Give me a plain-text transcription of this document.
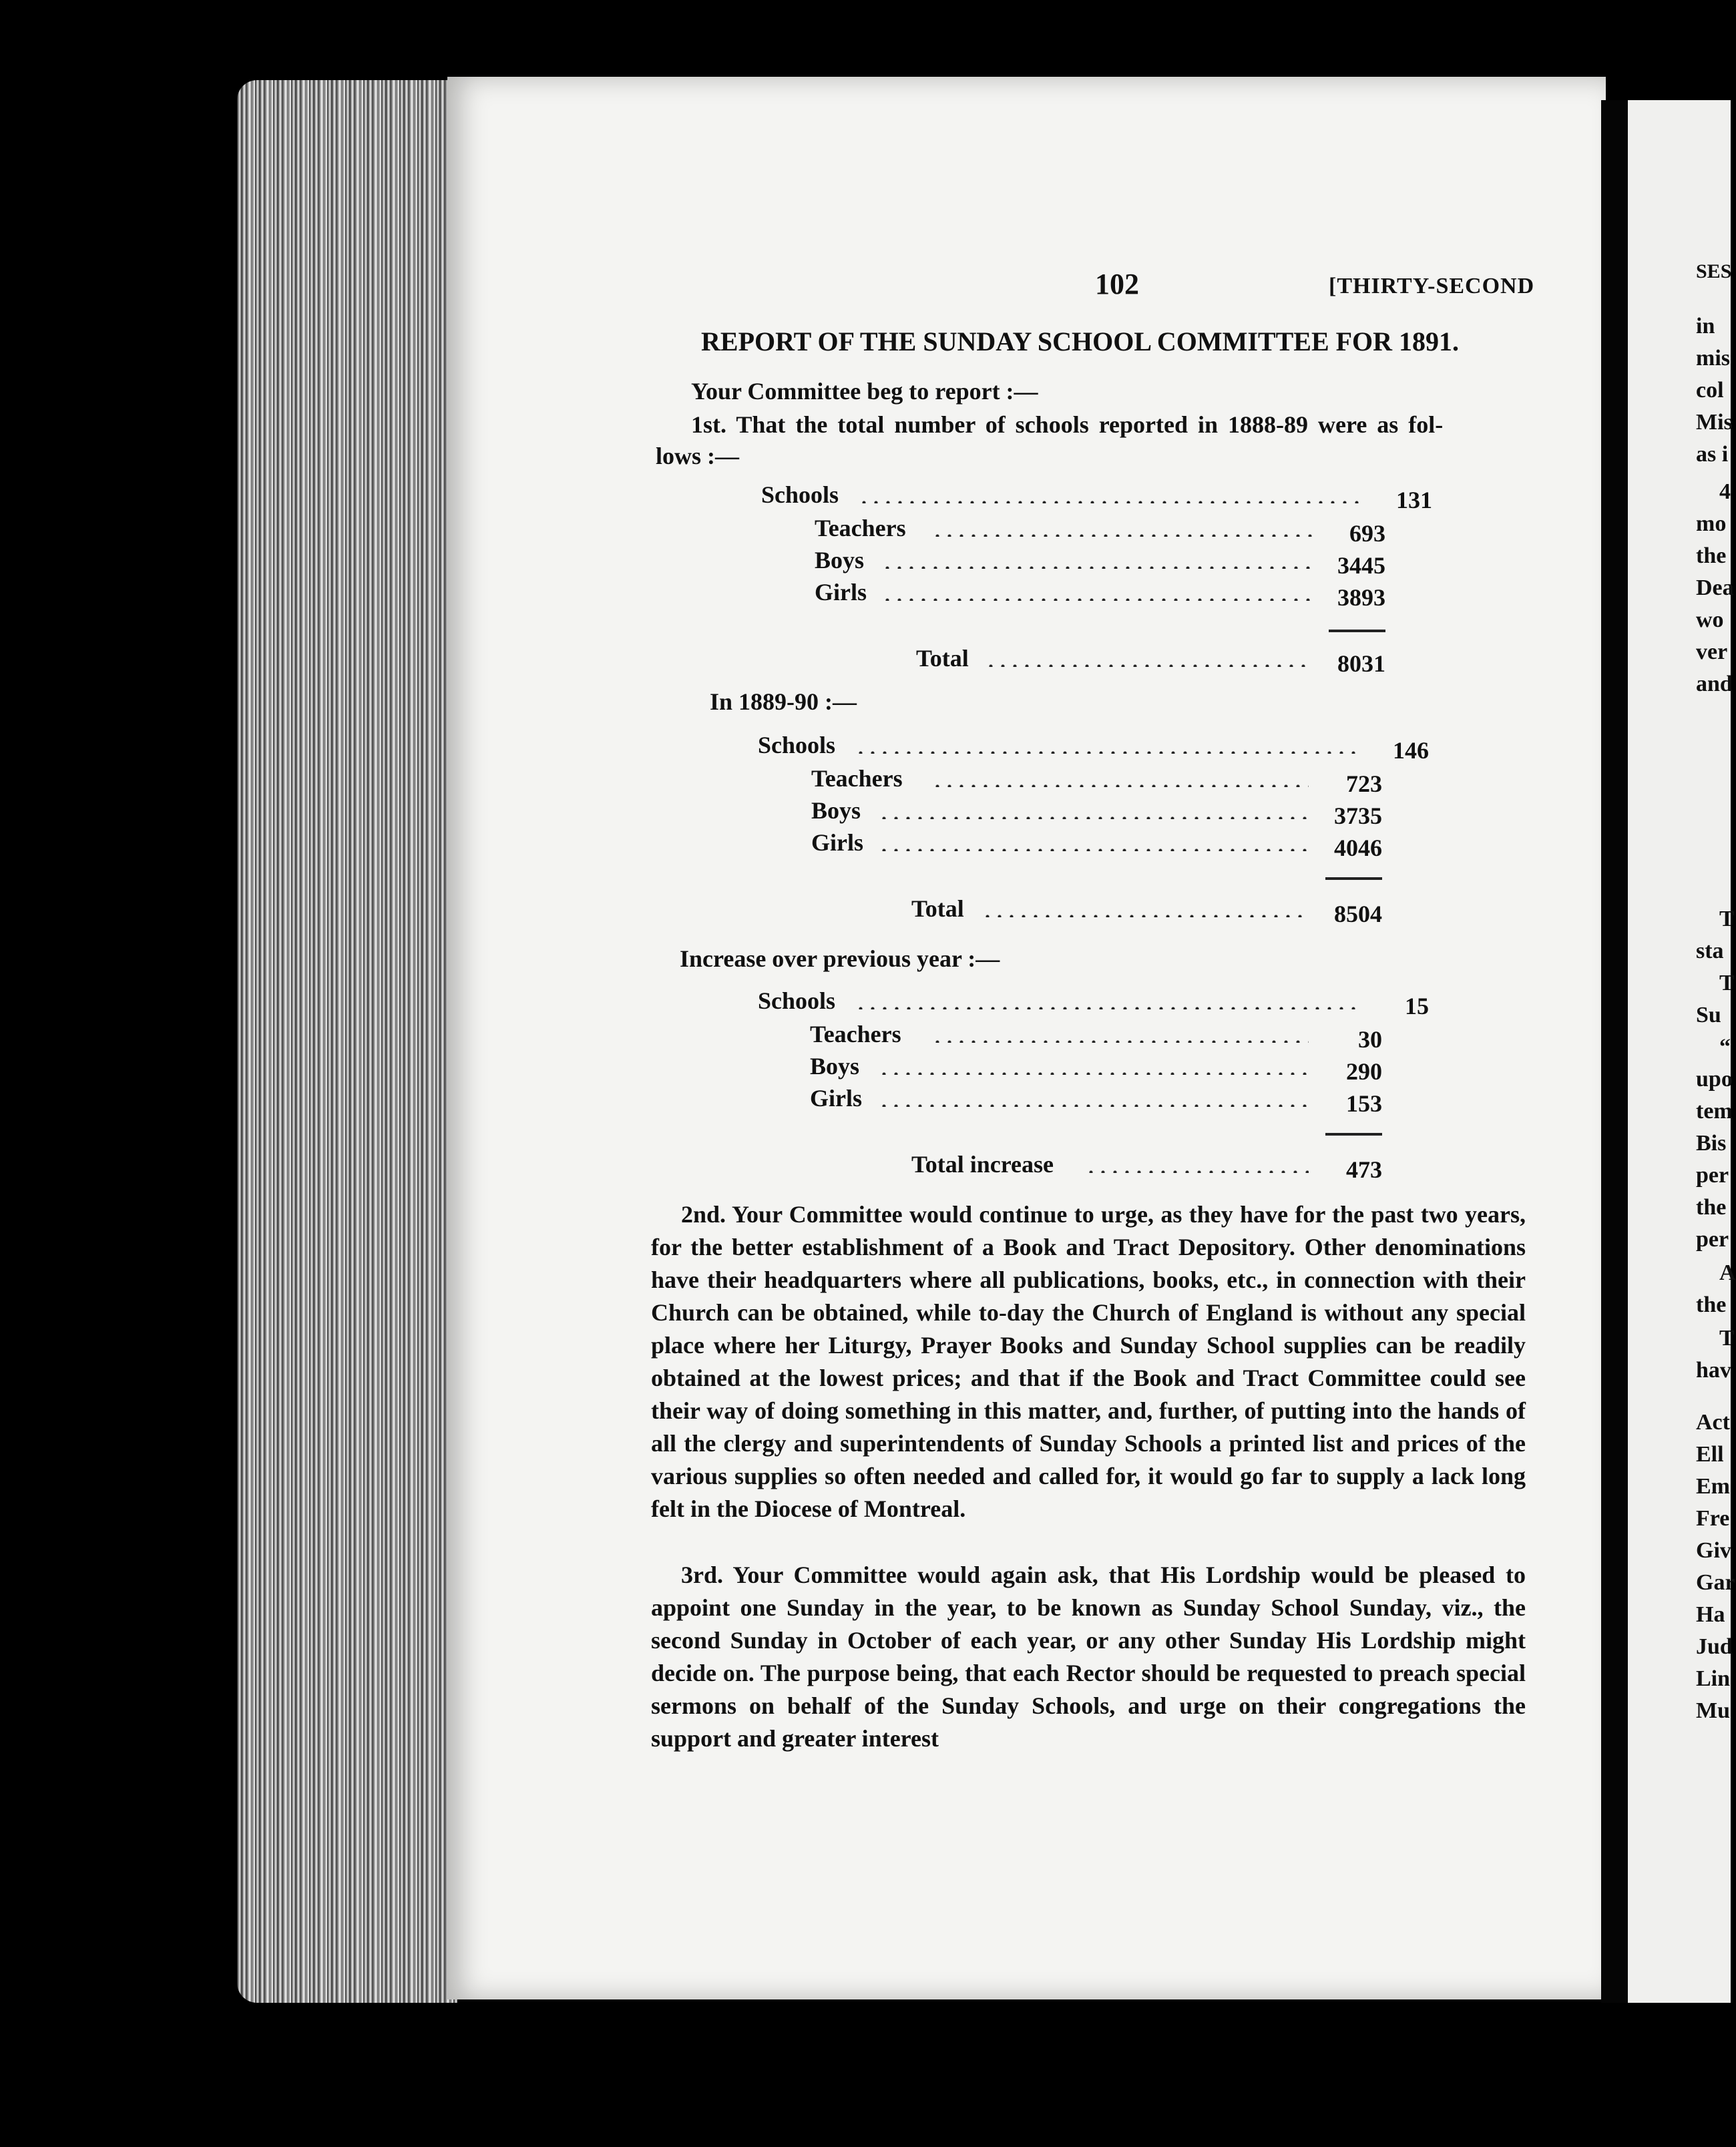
102	[THIRTY-SECOND
REPORT OF THE SUNDAY SCHOOL COMMITTEE FOR 1891.
Your Committee beg to report :—
1st. That the total number of schools reported in 1888-89 were as fol-
lows :—
Schools	131
Teachers	693
Boys	3445
Girls	3893
Total	8031
In 1889-90 :—
Schools	146
Teachers	723
Boys	3735
Girls	4046
Total	8504
Increase over previous year :—
Schools	15
Teachers	30
Boys	290
Girls	153
Total increase	473
2nd. Your Committee would continue to urge, as they have for the past two years, for the better establishment of a Book and Tract Depository. Other denominations have their headquarters where all publications, books, etc., in connection with their Church can be obtained, while to-day the Church of England is without any special place where her Liturgy, Prayer Books and Sunday School supplies can be readily obtained at the lowest prices; and that if the Book and Tract Committee could see their way of doing something in this matter, and, further, of putting into the hands of all the clergy and superintendents of Sunday Schools a printed list and prices of the various supplies so often needed and called for, it would go far to supply a lack long felt in the Diocese of Montreal.
3rd. Your Committee would again ask, that His Lordship would be pleased to appoint one Sunday in the year, to be known as Sunday School Sunday, viz., the second Sunday in October of each year, or any other Sunday His Lordship might decide on. The purpose being, that each Rector should be requested to preach special sermons on behalf of the Sunday Schools, and urge on their congregations the support and greater interest
SES
in
mis
col
Mis
as i
4
mo
the
Dea
wo
ver
and
T
sta
T
Su
“
upo
tem
Bis
per
the
per
A
the
T
hav
Act
Ell
Em
Fre
Giv
Gar
Ha
Jud
Lin
Mu
